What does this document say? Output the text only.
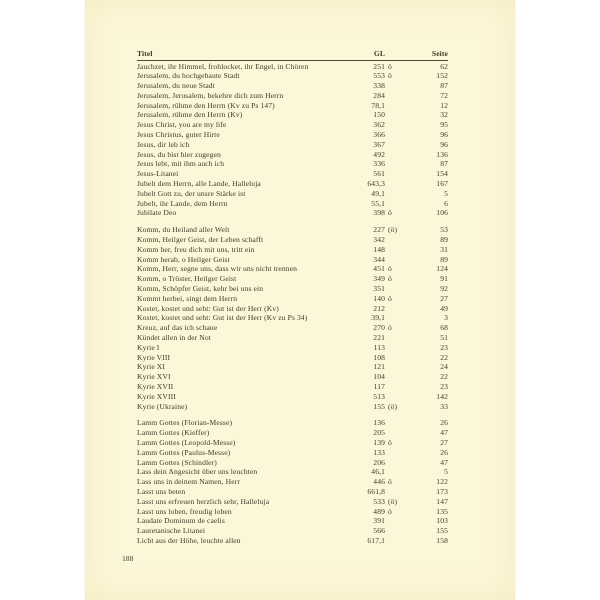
Titel	GL	Seite
Jauchzet, ihr Himmel, frohlocket, ihr Engel, in Chören	251 ö	62
Jerusalem, du hochgebaute Stadt	553 ö	152
Jerusalem, du neue Stadt	338	87
Jerusalem, Jerusalem, bekehre dich zum Herrn	284	72
Jerusalem, rühme den Herrn (Kv zu Ps 147)	78,1	12
Jerusalem, rühme den Herrn (Kv)	150	32
Jesus Christ, you are my life	362	95
Jesus Christus, guter Hirte	366	96
Jesus, dir leb ich	367	96
Jesus, du bist hier zugegen	492	136
Jesus lebt, mit ihm auch ich	336	87
Jesus-Litanei	561	154
Jubelt dem Herrn, alle Lande, Halleluja	643,3	167
Jubelt Gott zu, der unsre Stärke ist	49,1	5
Jubelt, ihr Lande, dem Herrn	55,1	6
Jubilate Deo	398 ö	106
Komm, du Heiland aller Welt	227 (ö)	53
Komm, Heilger Geist, der Leben schafft	342	89
Komm her, freu dich mit uns, tritt ein	148	31
Komm herab, o Heilger Geist	344	89
Komm, Herr, segne uns, dass wir uns nicht trennen	451 ö	124
Komm, o Tröster, Heilger Geist	349 ö	91
Komm, Schöpfer Geist, kehr bei uns ein	351	92
Kommt herbei, singt dem Herrn	140 ö	27
Kostet, kostet und seht: Gut ist der Herr (Kv)	212	49
Kostet, kostet und seht: Gut ist der Herr (Kv zu Ps 34)	39,1	3
Kreuz, auf das ich schaue	270 ö	68
Kündet allen in der Not	221	51
Kyrie I	113	23
Kyrie VIII	108	22
Kyrie XI	121	24
Kyrie XVI	104	22
Kyrie XVII	117	23
Kyrie XVIII	513	142
Kyrie (Ukraine)	155 (ö)	33
Lamm Gottes (Florian-Messe)	136	26
Lamm Gottes (Kieffer)	205	47
Lamm Gottes (Leopold-Messe)	139 ö	27
Lamm Gottes (Paulus-Messe)	133	26
Lamm Gottes (Schindler)	206	47
Lass dein Angesicht über uns leuchten	46,1	5
Lass uns in deinem Namen, Herr	446 ö	122
Lasst uns beten	661,8	173
Lasst uns erfreuen herzlich sehr, Halleluja	533 (ö)	147
Lasst uns loben, freudig loben	489 ö	135
Laudate Dominum de caelis	391	103
Lauretanische Litanei	566	155
Licht aus der Höhe, leuchte allen	617,1	158
188
